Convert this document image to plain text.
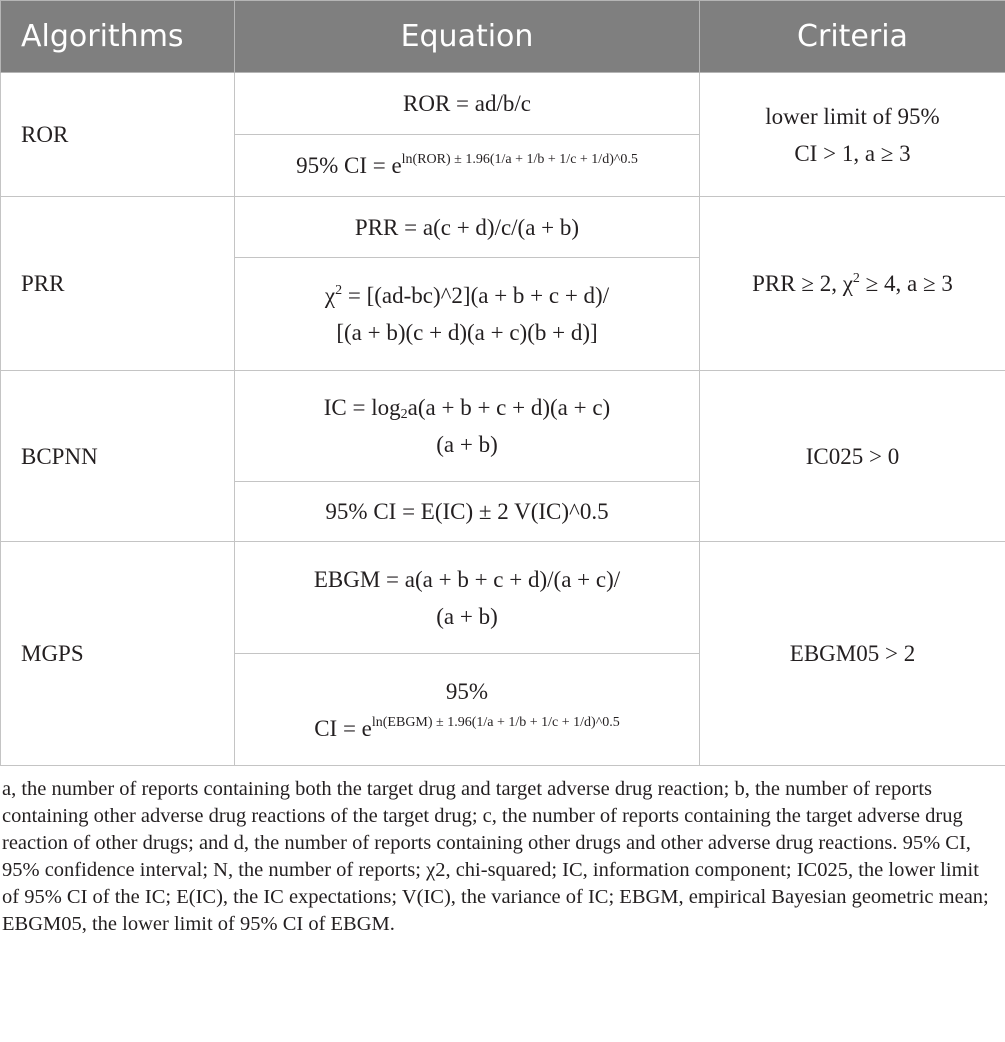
Algorithms	Equation	Criteria
ROR	ROR = ad/b/c	lower limit of 95%
CI > 1, a ≥ 3
	95% CI = $e^{ln(ROR) \pm 1.96(1/a + 1/b + 1/c + 1/d)\^{}0.5}$
PRR	PRR = a(c + d)/c/(a + b)	PRR ≥ 2, $\chi^2 \ge 4$, a ≥ 3
	$\chi^2$ = [(ad-bc)^2](a + b + c + d)/
[(a + b)(c + d)(a + c)(b + d)]	
BCPNN	IC = $\log_2a(a + b + c + d)(a + c)$
(a + b)	IC025 > 0
	95% CI = E(IC) ± 2 V(IC)^0.5	
MGPS	EBGM = a(a + b + c + d)/(a + c)/
(a + b)	EBGM05 > 2
	95%
CI = $e^{ln(EBGM) \pm 1.96(1/a + 1/b + 1/c + 1/d)\^{}0.5}$
a, the number of reports containing both the target drug and target adverse drug reaction; b, the number of reports containing other adverse drug reactions of the target drug; c, the number of reports containing the target adverse drug reaction of other drugs; and d, the number of reports containing other drugs and other adverse drug reactions. 95% CI, 95% confidence interval; N, the number of reports; χ2, chi-squared; IC, information component; IC025, the lower limit of 95% CI of the IC; E(IC), the IC expectations; V(IC), the variance of IC; EBGM, empirical Bayesian geometric mean; EBGM05, the lower limit of 95% CI of EBGM.
